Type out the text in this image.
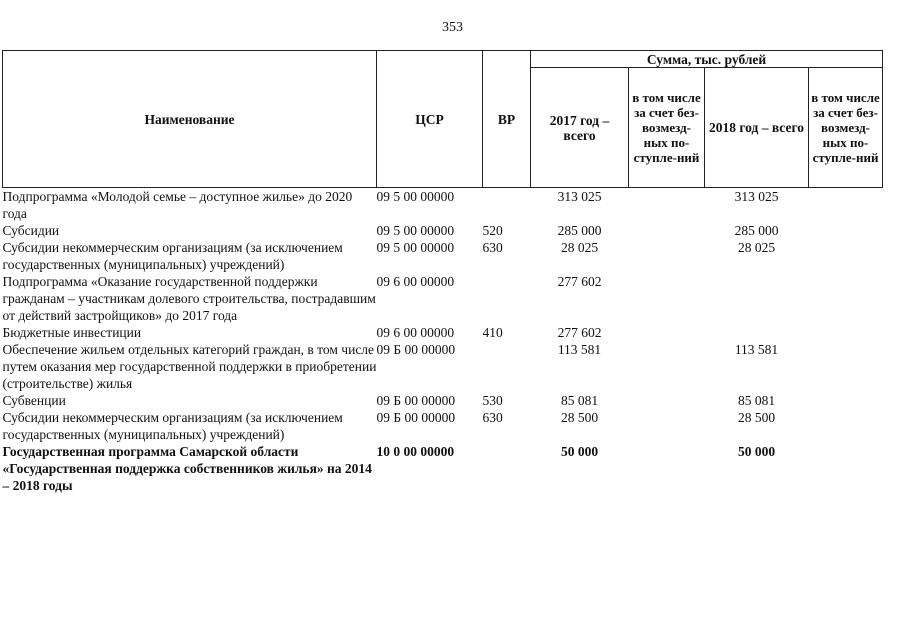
353
Наименование	ЦСР	ВР	Сумма, тыс. рублей			
			2017 год – всего	в том числе за счет без-возмезд-ных по-ступле-ний	2018 год – всего	в том числе за счет без-возмезд-ных по-ступле-ний
Подпрограмма «Молодой семье – доступное жилье» до 2020 года	09 5 00 00000		313 025		313 025	
Субсидии	09 5 00 00000	520	285 000		285 000	
Субсидии некоммерческим организациям (за исключением государственных (муниципальных) учреждений)	09 5 00 00000	630	28 025		28 025	
Подпрограмма «Оказание государственной поддержки гражданам – участникам долевого строительства, пострадавшим от действий застройщиков» до 2017 года	09 6 00 00000		277 602			
Бюджетные инвестиции	09 6 00 00000	410	277 602			
Обеспечение жильем отдельных категорий граждан, в том числе путем оказания мер государственной поддержки в приобретении (строительстве) жилья	09 Б 00 00000		113 581		113 581	
Субвенции	09 Б 00 00000	530	85 081		85 081	
Субсидии некоммерческим организациям (за исключением государственных (муниципальных) учреждений)	09 Б 00 00000	630	28 500		28 500	
Государственная программа Самарской области «Государственная поддержка собственников жилья» на 2014 – 2018 годы	10 0 00 00000		50 000		50 000	
